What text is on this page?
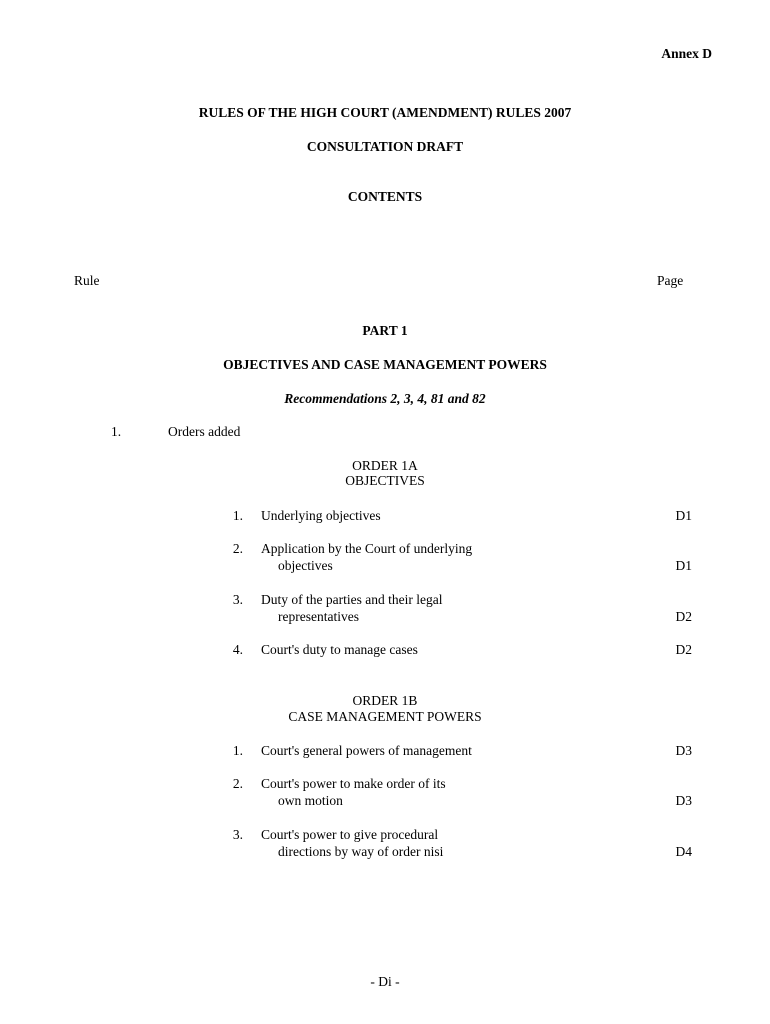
Annex D
RULES OF THE HIGH COURT (AMENDMENT) RULES 2007
CONSULTATION DRAFT
CONTENTS
Rule	Page
PART 1
OBJECTIVES AND CASE MANAGEMENT POWERS
Recommendations 2, 3, 4, 81 and 82
1.	Orders added
ORDER 1A
OBJECTIVES
1. Underlying objectives	D1
2. Application by the Court of underlying
objectives	D1
3. Duty of the parties and their legal
representatives	D2
4. Court's duty to manage cases	D2
ORDER 1B
CASE MANAGEMENT POWERS
1. Court's general powers of management	D3
2. Court's power to make order of its
own motion	D3
3. Court's power to give procedural
directions by way of order nisi	D4
- Di -
